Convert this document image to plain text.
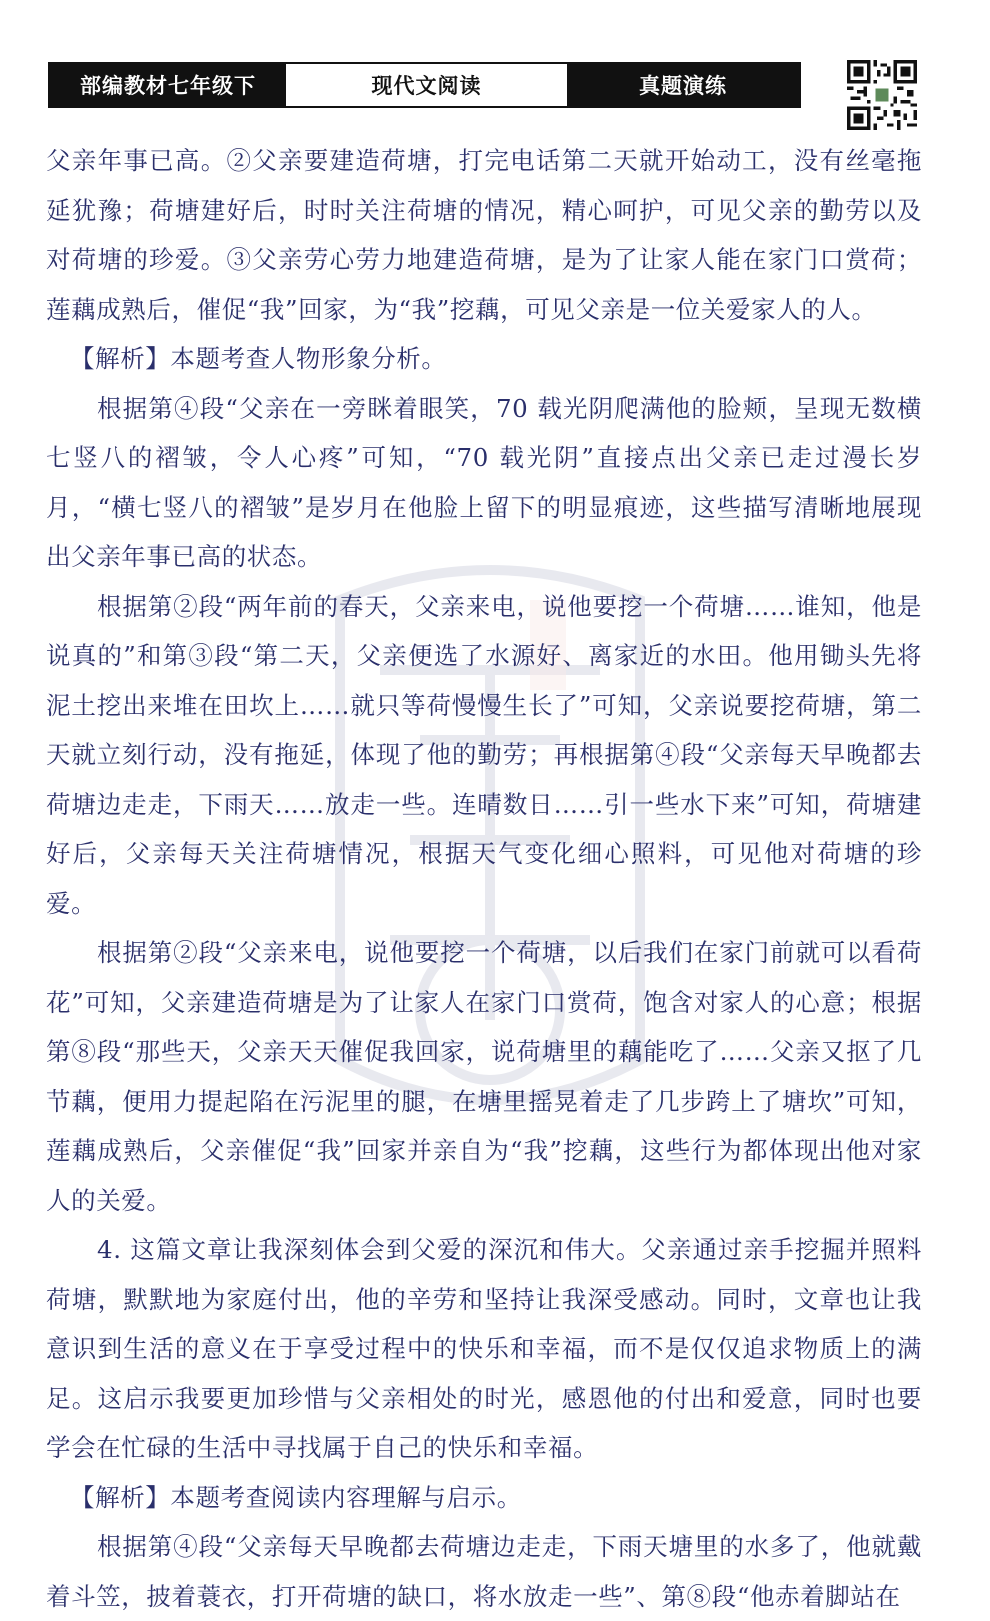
部编教材七年级下	现代文阅读	真题演练

父亲年事已高。②父亲要建造荷塘，打完电话第二天就开始动工，没有丝毫拖延犹豫；荷塘建好后，时时关注荷塘的情况，精心呵护，可见父亲的勤劳以及对荷塘的珍爱。③父亲劳心劳力地建造荷塘，是为了让家人能在家门口赏荷；莲藕成熟后，催促“我”回家，为“我”挖藕，可见父亲是一位关爱家人的人。

【解析】本题考查人物形象分析。

根据第④段“父亲在一旁眯着眼笑，70 载光阴爬满他的脸颊，呈现无数横七竖八的褶皱，令人心疼”可知，“70 载光阴”直接点出父亲已走过漫长岁月，“横七竖八的褶皱”是岁月在他脸上留下的明显痕迹，这些描写清晰地展现出父亲年事已高的状态。

根据第②段“两年前的春天，父亲来电，说他要挖一个荷塘……谁知，他是说真的”和第③段“第二天，父亲便选了水源好、离家近的水田。他用锄头先将泥土挖出来堆在田坎上……就只等荷慢慢生长了”可知，父亲说要挖荷塘，第二天就立刻行动，没有拖延，体现了他的勤劳；再根据第④段“父亲每天早晚都去荷塘边走走，下雨天……放走一些。连晴数日……引一些水下来”可知，荷塘建好后，父亲每天关注荷塘情况，根据天气变化细心照料，可见他对荷塘的珍爱。

根据第②段“父亲来电，说他要挖一个荷塘，以后我们在家门前就可以看荷花”可知，父亲建造荷塘是为了让家人在家门口赏荷，饱含对家人的心意；根据第⑧段“那些天，父亲天天催促我回家，说荷塘里的藕能吃了……父亲又抠了几节藕，便用力提起陷在污泥里的腿，在塘里摇晃着走了几步跨上了塘坎”可知，莲藕成熟后，父亲催促“我”回家并亲自为“我”挖藕，这些行为都体现出他对家人的关爱。

4. 这篇文章让我深刻体会到父爱的深沉和伟大。父亲通过亲手挖掘并照料荷塘，默默地为家庭付出，他的辛劳和坚持让我深受感动。同时，文章也让我意识到生活的意义在于享受过程中的快乐和幸福，而不是仅仅追求物质上的满足。这启示我要更加珍惜与父亲相处的时光，感恩他的付出和爱意，同时也要学会在忙碌的生活中寻找属于自己的快乐和幸福。

【解析】本题考查阅读内容理解与启示。

根据第④段“父亲每天早晚都去荷塘边走走，下雨天塘里的水多了，他就戴着斗笠，披着蓑衣，打开荷塘的缺口，将水放走一些”、第⑧段“他赤着脚站在
